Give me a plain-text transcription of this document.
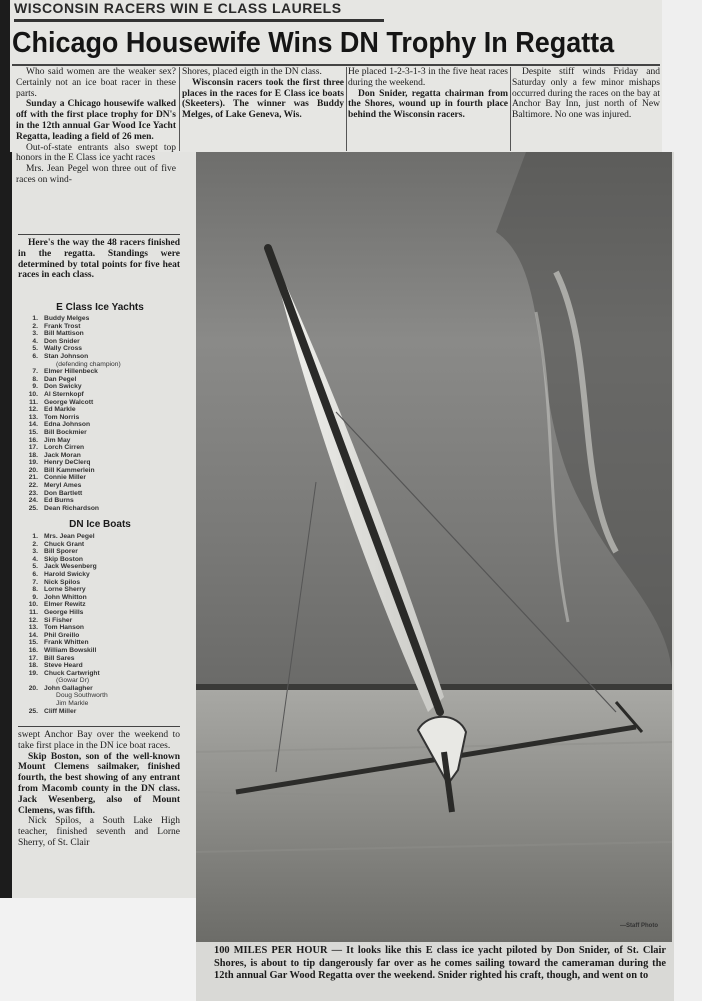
WISCONSIN RACERS WIN E CLASS LAURELS
Chicago Housewife Wins DN Trophy In Regatta

Who said women are the weaker sex? Certainly not an ice boat racer in these parts.

Sunday a Chicago housewife walked off with the first place trophy for DN's in the 12th annual Gar Wood Ice Yacht Regatta, leading a field of 26 men.

Out-of-state entrants also swept top honors in the E Class ice yacht races

Mrs. Jean Pegel won three out of five races on wind-

Shores, placed eigth in the DN class.

Wisconsin racers took the first three places in the races for E Class ice boats (Skeeters). The winner was Buddy Melges, of Lake Geneva, Wis.

He placed 1-2-3-1-3 in the five heat races during the weekend.

Don Snider, regatta chairman from the Shores, wound up in fourth place behind the Wisconsin racers.

Despite stiff winds Friday and Saturday only a few minor mishaps occurred during the races on the bay at Anchor Bay Inn, just north of New Baltimore. No one was injured.

Here's the way the 48 racers finished in the regatta. Standings were determined by total points for five heat races in each class.

E Class Ice Yachts
1. Buddy Melges
2. Frank Trost
3. Bill Mattison
4. Don Snider
5. Wally Cross
6. Stan Johnson
(defending champion)
7. Elmer Hillenbeck
8. Dan Pegel
9. Don Swicky
10. Al Sternkopf
11. George Walcott
12. Ed Markle
13. Tom Norris
14. Edna Johnson
15. Bill Bockmier
16. Jim May
17. Lorch Cirren
18. Jack Moran
19. Henry DeClerq
20. Bill Kammerlein
21. Connie Miller
22. Meryl Ames
23. Don Bartlett
24. Ed Burns
25. Dean Richardson
DN Ice Boats
1. Mrs. Jean Pegel
2. Chuck Grant
3. Bill Sporer
4. Skip Boston
5. Jack Wesenberg
6. Harold Swicky
7. Nick Spilos
8. Lorne Sherry
9. John Whitton
10. Elmer Rewitz
11. George Hills
12. Si Fisher
13. Tom Hanson
14. Phil Greillo
15. Frank Whitten
16. William Bowskill
17. Bill Sares
18. Steve Heard
19. Chuck Cartwright
(Gowar Dr)
20. John Gallagher
Doug Southworth
Jim Markle
25. Cliff Miller

swept Anchor Bay over the weekend to take first place in the DN ice boat races.

Skip Boston, son of the well-known Mount Clemens sailmaker, finished fourth, the best showing of any entrant from Macomb county in the DN class. Jack Wesenberg, also of Mount Clemens, was fifth.

Nick Spilos, a South Lake High teacher, finished seventh and Lorne Sherry, of St. Clair

—Staff Photo
100 MILES PER HOUR — It looks like this E class ice yacht piloted by Don Snider, of St. Clair Shores, is about to tip dangerously far over as he comes sailing toward the cameraman during the 12th annual Gar Wood Regatta over the weekend. Snider righted his craft, though, and went on to
